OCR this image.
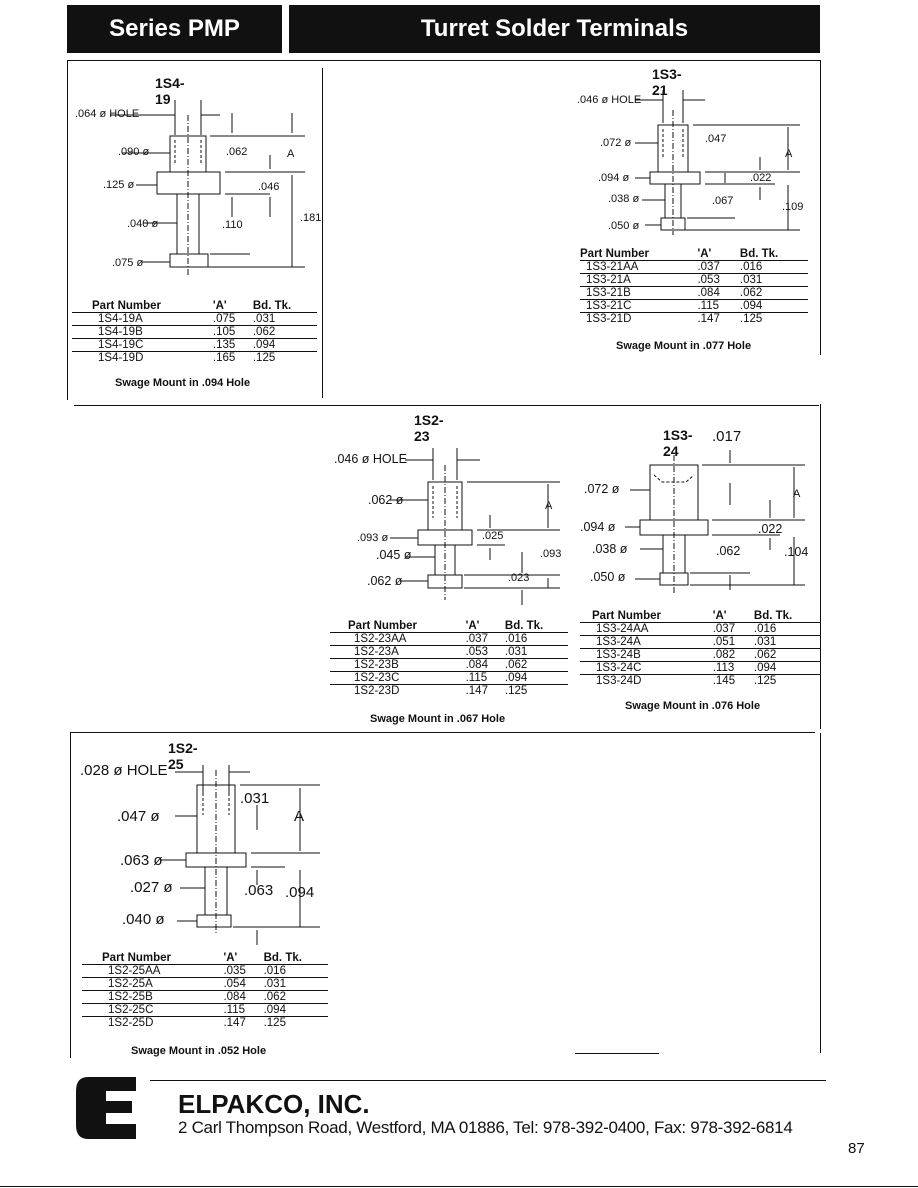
Series PMP	Turret Solder Terminals
1S4-19
.064 ø HOLE
.090 ø
.125 ø
.040 ø
.075 ø
.062	A
.046
.110
.181
Part Number	'A'	Bd. Tk.
1S4-19A	.075	.031
1S4-19B	.105	.062
1S4-19C	.135	.094
1S4-19D	.165	.125
Swage Mount in .094 Hole
1S3-21
.046 ø HOLE
.072 ø
.094 ø
.038 ø
.050 ø
.047
A
.022
.067	.109
Part Number	'A'	Bd. Tk.
1S3-21AA	.037	.016
1S3-21A	.053	.031
1S3-21B	.084	.062
1S3-21C	.115	.094
1S3-21D	.147	.125
Swage Mount in .077 Hole
1S2-23
.046 ø HOLE
.062 ø
.093 ø
.045 ø
.062 ø
A
.025
.093
.023
Part Number	'A'	Bd. Tk.
1S2-23AA	.037	.016
1S2-23A	.053	.031
1S2-23B	.084	.062
1S2-23C	.115	.094
1S2-23D	.147	.125
Swage Mount in .067 Hole
1S3-24
.017
.072 ø
.094 ø
.038 ø
.050 ø
A
.022
.062	.104
Part Number	'A'	Bd. Tk.
1S3-24AA	.037	.016
1S3-24A	.051	.031
1S3-24B	.082	.062
1S3-24C	.113	.094
1S3-24D	.145	.125
Swage Mount in .076 Hole
1S2-25
.028 ø HOLE
.047 ø
.063 ø
.027 ø
.040 ø
.031
A
.063 .094
Part Number	'A'	Bd. Tk.
1S2-25AA	.035	.016
1S2-25A	.054	.031
1S2-25B	.084	.062
1S2-25C	.115	.094
1S2-25D	.147	.125
Swage Mount in .052 Hole
ELPAKCO, INC.
2 Carl Thompson Road, Westford, MA 01886, Tel: 978-392-0400, Fax: 978-392-6814
87
